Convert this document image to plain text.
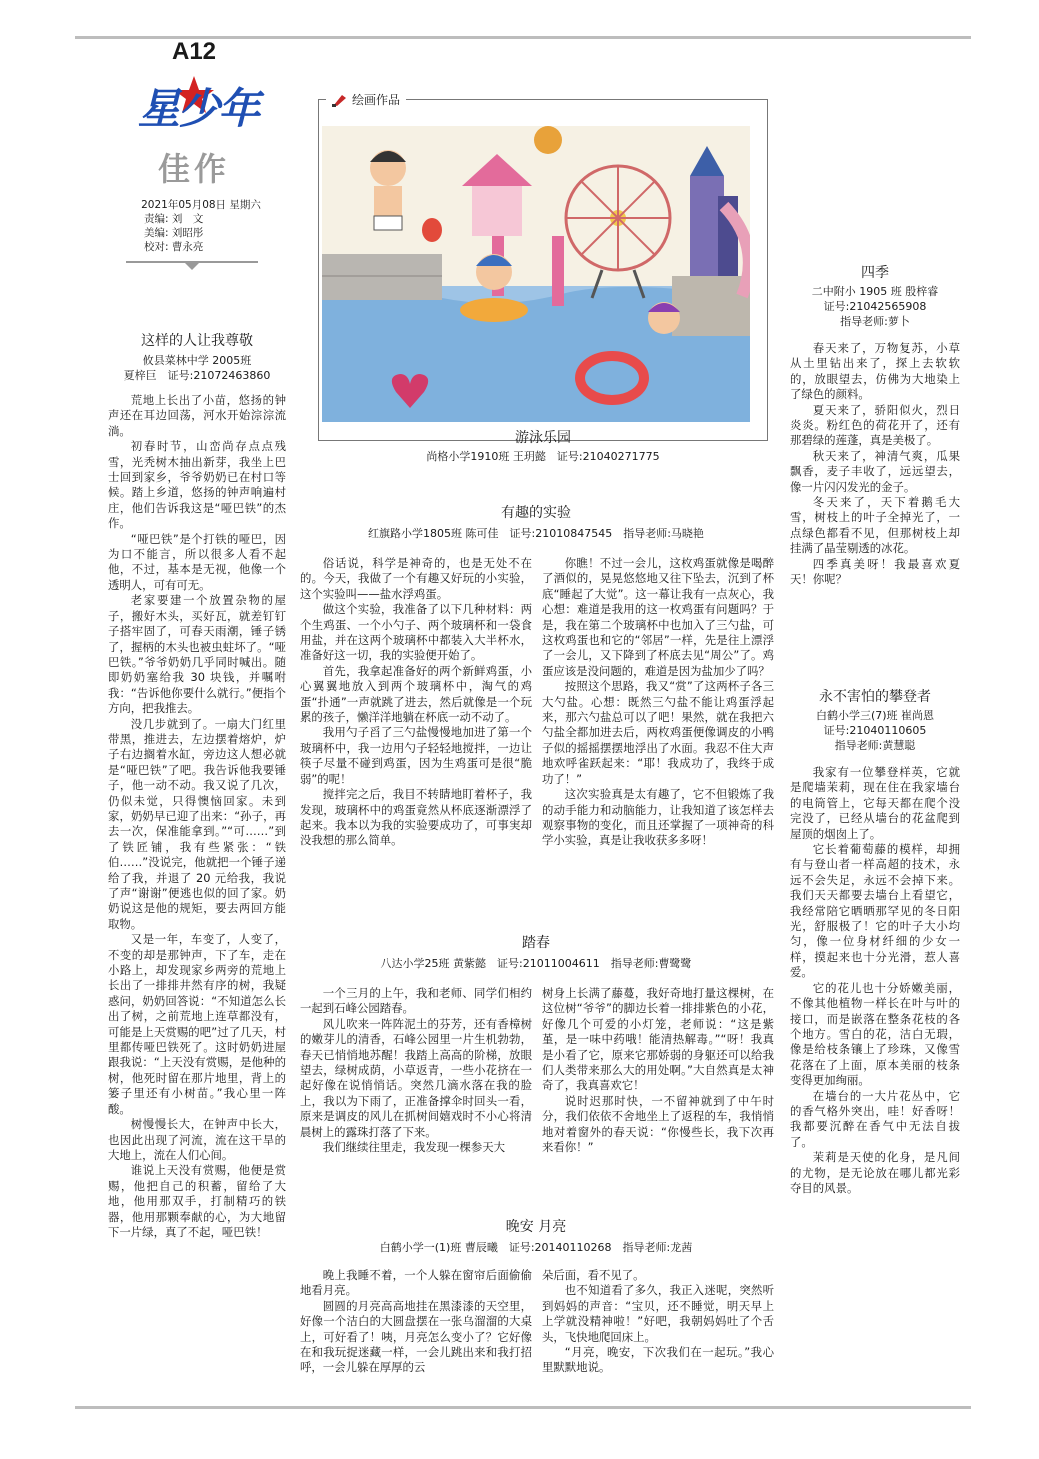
A12
星少年
佳作
2021年05月08日 星期六
责编: 刘　文
美编: 刘昭彤
校对: 曹永亮
绘画作品
游泳乐园
尚格小学1910班 王玥懿　证号:21040271775
这样的人让我尊敬
攸县菜林中学 2005班
夏梓巨　证号:21072463860

荒地上长出了小苗，悠扬的钟声还在耳边回荡，河水开始淙淙流淌。

初春时节，山峦尚存点点残雪，光秃树木抽出新芽，我坐上巴士回到家乡，爷爷奶奶已在村口等候。踏上乡道，悠扬的钟声响遍村庄，他们告诉我这是“哑巴铁”的杰作。

“哑巴铁”是个打铁的哑巴，因为口不能言，所以很多人看不起他，不过，基本是无视，他像一个透明人，可有可无。

老家要建一个放置杂物的屋子，搬好木头，买好瓦，就差钉钉子搭牢固了，可春天雨潮，锤子锈了，握柄的木头也被虫蛀坏了。“哑巴铁。”爷爷奶奶几乎同时喊出。随即奶奶塞给我 30 块钱，并嘱咐我：“告诉他你要什么就行。”便指个方向，把我推去。

没几步就到了。一扇大门红里带黑，推进去，左边摆着熔炉，炉子右边搁着水缸，旁边这人想必就是“哑巴铁”了吧。我告诉他我要锤子，他一动不动。我又说了几次，仍似未觉，只得懊恼回家。未到家，奶奶早已迎了出来：“孙子，再去一次，保准能拿到。”“可……”到了铁匠铺，我有些紧张：“铁伯……”没说完，他就把一个锤子递给了我，并退了 20 元给我，我说了声“谢谢”便逃也似的回了家。奶奶说这是他的规矩，要去两回方能取物。

又是一年，车变了，人变了，不变的却是那钟声，下了车，走在小路上，却发现家乡两旁的荒地上长出了一排排井然有序的树，我疑惑问，奶奶回答说：“不知道怎么长出了树，之前荒地上连草都没有，可能是上天赏赐的吧”过了几天，村里都传哑巴铁死了。这时奶奶进屋跟我说：“上天没有赏赐，是他种的树，他死时留在那片地里，背上的篓子里还有小树苗。”我心里一阵酸。

树慢慢长大，在钟声中长大，也因此出现了河流，流在这干旱的大地上，流在人们心间。

谁说上天没有赏赐，他便是赏赐，他把自己的积蓄，留给了大地，他用那双手，打制精巧的铁器，他用那颗奉献的心，为大地留下一片绿，真了不起，哑巴铁！

有趣的实验
红旗路小学1805班 陈可佳　证号:21010847545　指导老师:马晓艳

俗话说，科学是神奇的，也是无处不在的。今天，我做了一个有趣又好玩的小实验，这个实验叫——盐水浮鸡蛋。

做这个实验，我准备了以下几种材料：两个生鸡蛋、一个小勺子、两个玻璃杯和一袋食用盐，并在这两个玻璃杯中都装入大半杯水，准备好这一切，我的实验便开始了。

首先，我拿起准备好的两个新鲜鸡蛋，小心翼翼地放入到两个玻璃杯中，淘气的鸡蛋“扑通”一声就跳了进去，然后就像是一个玩累的孩子，懒洋洋地躺在杯底一动不动了。

我用勺子舀了三勺盐慢慢地加进了第一个玻璃杯中，我一边用勺子轻轻地搅拌，一边让筷子尽量不碰到鸡蛋，因为生鸡蛋可是很“脆弱”的呢！

搅拌完之后，我目不转睛地盯着杯子，我发现，玻璃杯中的鸡蛋竟然从杯底逐渐漂浮了起来。我本以为我的实验要成功了，可事実却没我想的那么简单。

你瞧！不过一会儿，这枚鸡蛋就像是喝醉了酒似的，晃晃悠悠地又往下坠去，沉到了杯底“睡起了大觉”。这一幕让我有一点灰心，我心想：难道是我用的这一枚鸡蛋有问题吗？于是，我在第二个玻璃杯中也加入了三勺盐，可这枚鸡蛋也和它的“邻居”一样，先是往上漂浮了一会儿，又下降到了杯底去见“周公”了。鸡蛋应该是没问题的，难道是因为盐加少了吗？

按照这个思路，我又“赏”了这两杯子各三大勺盐。心想：既然三勺盐不能让鸡蛋浮起来，那六勺盐总可以了吧！果然，就在我把六勺盐全都加进去后，两枚鸡蛋便像调皮的小鸭子似的摇摇摆摆地浮出了水面。我忍不住大声地欢呼雀跃起来：“耶！我成功了，我终于成功了！”

这次实验真是太有趣了，它不但锻炼了我的动手能力和动脑能力，让我知道了该怎样去观察事物的变化，而且还掌握了一项神奇的科学小实验，真是让我收获多多呀！

踏春
八达小学25班 黄紫懿　证号:21011004611　指导老师:曹鹭鹭

一个三月的上午，我和老师、同学们相约一起到石峰公园踏春。

风儿吹来一阵阵泥土的芬芳，还有香樟树的嫩芽儿的清香，石峰公园里一片生机勃勃，春天已悄悄地苏醒！我踏上高高的阶梯，放眼望去，绿树成荫，小草返青，一些小花挤在一起好像在说悄悄话。突然几滴水落在我的脸上，我以为下雨了，正准备撑伞时回头一看，原来是调皮的风儿在抓树间嬉戏时不小心将清晨树上的露珠打落了下来。

我们继续往里走，我发现一棵参天大

树身上长满了藤蔓，我好奇地打量这棵树，在这位树“爷爷”的脚边长着一排排紫色的小花，好像几个可爱的小灯笼，老师说：“这是紫堇，是一味中药哦！能清热解毒。”“呀！我真是小看了它，原来它那娇弱的身躯还可以给我们人类带来那么大的用处啊。”大自然真是太神奇了，我真喜欢它！

说时迟那时快，一不留神就到了中午时分，我们依依不舍地坐上了返程的车，我悄悄地对着窗外的春天说：“你慢些长，我下次再来看你！”

晚安 月亮
白鹤小学一(1)班 曹辰曦　证号:20140110268　指导老师:龙茜

晚上我睡不着，一个人躲在窗帘后面偷偷地看月亮。

圆圆的月亮高高地挂在黑漆漆的天空里，好像一个洁白的大圆盘摆在一张乌溜溜的大桌上，可好看了！咦，月亮怎么变小了？它好像在和我玩捉迷藏一样，一会儿跳出来和我打招呼，一会儿躲在厚厚的云

朵后面，看不见了。

也不知道看了多久，我正入迷呢，突然听到妈妈的声音：“宝贝，还不睡觉，明天早上上学就没精神啦！”好吧，我朝妈妈吐了个舌头，飞快地爬回床上。

“月亮，晚安，下次我们在一起玩。”我心里默默地说。

四季
二中附小 1905 班 殷梓睿
证号:21042565908
指导老师:萝卜

春天来了，万物复苏，小草从土里钻出来了，探上去软软的，放眼望去，仿佛为大地染上了绿色的颜料。

夏天来了，骄阳似火，烈日炎炎。粉红色的荷花开了，还有那碧绿的莲蓬，真是美极了。

秋天来了，神清气爽，瓜果飘香，麦子丰收了，远远望去，像一片闪闪发光的金子。

冬天来了，天下着鹅毛大雪，树枝上的叶子全掉光了，一点绿色都看不见，但那树枝上却挂满了晶莹剔透的冰花。

四季真美呀！我最喜欢夏天！你呢？

永不害怕的攀登者
白鹤小学三(7)班 崔尚恩
证号:21040110605
指导老师:黄慧聪

我家有一位攀登样英，它就是爬墙茉莉，现在住在我家墙台的电筒管上，它每天都在爬个没完没了，已经从墙台的花盆爬到屋顶的烟囱上了。

它长着葡萄藤的模样，却拥有与登山者一样高超的技术，永远不会失足，永远不会掉下来。我们天天都要去墙台上看望它，我经常陪它晒晒那罕见的冬日阳光，舒服极了！它的叶子大小均匀，像一位身材纤细的少女一样，摸起来也十分光滑，惹人喜爱。

它的花儿也十分娇嫩美丽，不像其他植物一样长在叶与叶的接口，而是嵌落在整条花枝的各个地方。雪白的花，洁白无瑕，像是给枝条镶上了珍珠，又像雪花落在了上面，原本美丽的枝条变得更加绚丽。

在墙台的一大片花丛中，它的香气格外突出，哇！好香呀！我都要沉醉在香气中无法自拔了。

茉莉是天使的化身，是凡间的尤物，是无论放在哪儿都光彩夺目的风景。
